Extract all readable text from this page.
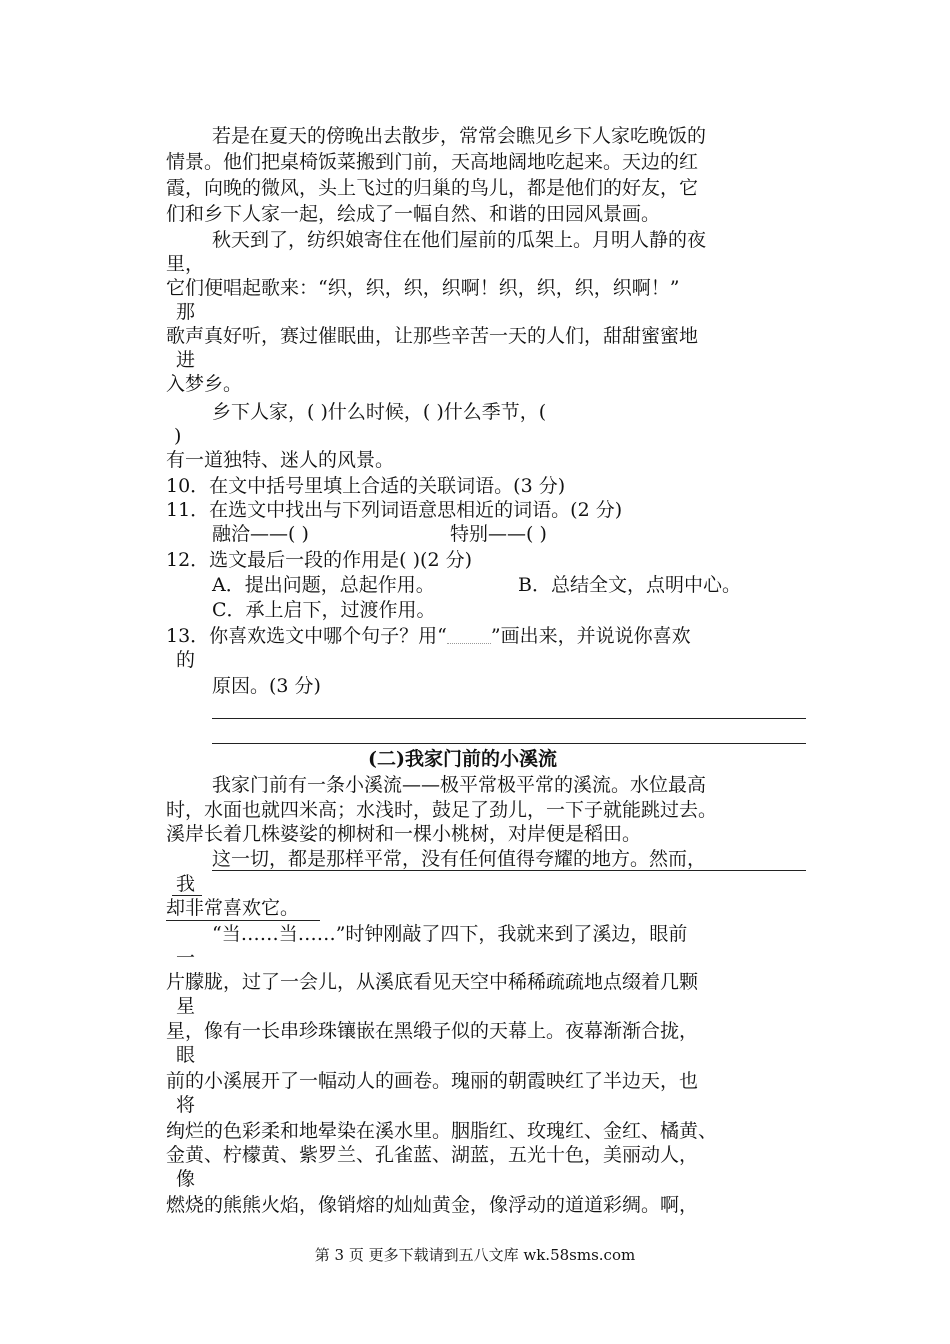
若是在夏天的傍晚出去散步，常常会瞧见乡下人家吃晚饭的
情景。他们把桌椅饭菜搬到门前，天高地阔地吃起来。天边的红
霞，向晚的微风，头上飞过的归巢的鸟儿，都是他们的好友，它
们和乡下人家一起，绘成了一幅自然、和谐的田园风景画。
秋天到了，纺织娘寄住在他们屋前的瓜架上。月明人静的夜
里，
它们便唱起歌来：“织，织，织，织啊！织，织，织，织啊！”
那
歌声真好听，赛过催眠曲，让那些辛苦一天的人们，甜甜蜜蜜地
进
入梦乡。
乡下人家，( )什么时候，( )什么季节，(
)
有一道独特、迷人的风景。
10．在文中括号里填上合适的关联词语。(3 分)
11．在选文中找出与下列词语意思相近的词语。(2 分)
融洽——( )	特别——( )
12．选文最后一段的作用是( )(2 分)
A．提出问题，总起作用。	B．总结全文，点明中心。
C．承上启下，过渡作用。
13．你喜欢选文中哪个句子？用“ ”画出来，并说说你喜欢
的
原因。(3 分)
(二)我家门前的小溪流
我家门前有一条小溪流——极平常极平常的溪流。水位最高
时，水面也就四米高；水浅时，鼓足了劲儿，一下子就能跳过去。
溪岸长着几株婆娑的柳树和一棵小桃树，对岸便是稻田。
这一切，都是那样平常，没有任何值得夸耀的地方。然而，
我
却非常喜欢它。
“当……当……”时钟刚敲了四下，我就来到了溪边，眼前
一
片朦胧，过了一会儿，从溪底看见天空中稀稀疏疏地点缀着几颗
星
星，像有一长串珍珠镶嵌在黑缎子似的天幕上。夜幕渐渐合拢，
眼
前的小溪展开了一幅动人的画卷。瑰丽的朝霞映红了半边天，也
将
绚烂的色彩柔和地晕染在溪水里。胭脂红、玫瑰红、金红、橘黄、
金黄、柠檬黄、紫罗兰、孔雀蓝、湖蓝，五光十色，美丽动人，
像
燃烧的熊熊火焰，像销熔的灿灿黄金，像浮动的道道彩绸。啊，
第 3 页 更多下载请到五八文库 wk.58sms.com
